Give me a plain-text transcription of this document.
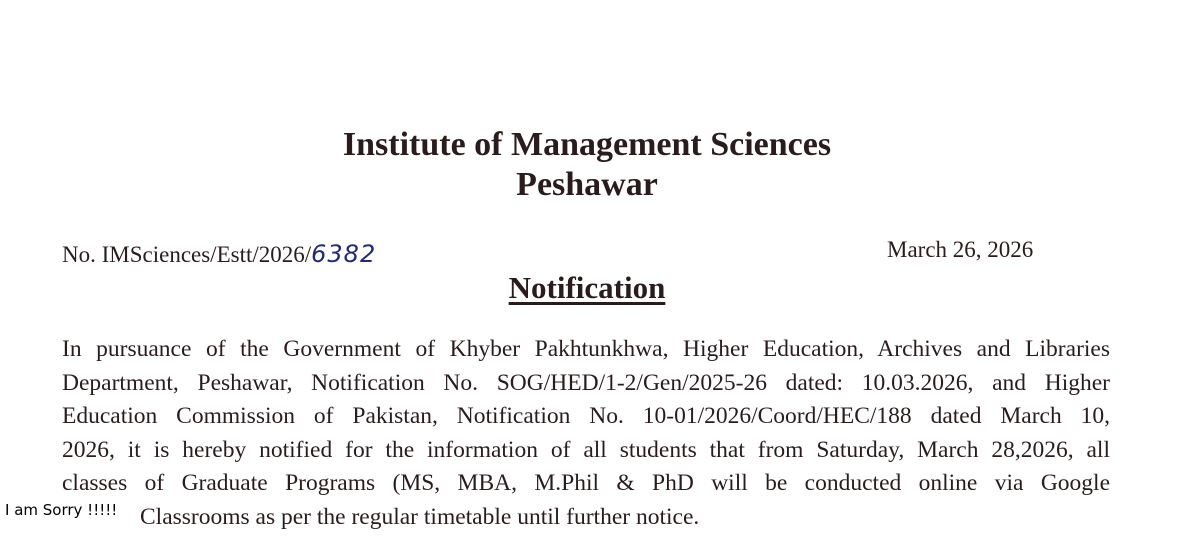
Institute of Management Sciences
Peshawar
No. IMSciences/Estt/2026/6382	March 26, 2026
Notification
In pursuance of the Government of Khyber Pakhtunkhwa, Higher Education, Archives and Libraries
Department, Peshawar, Notification No. SOG/HED/1-2/Gen/2025-26 dated: 10.03.2026, and Higher
Education Commission of Pakistan, Notification No. 10-01/2026/Coord/HEC/188 dated March 10,
2026, it is hereby notified for the information of all students that from Saturday, March 28,2026, all
classes of Graduate Programs (MS, MBA, M.Phil & PhD will be conducted online via Google
Classrooms as per the regular timetable until further notice.
I am Sorry !!!!!
